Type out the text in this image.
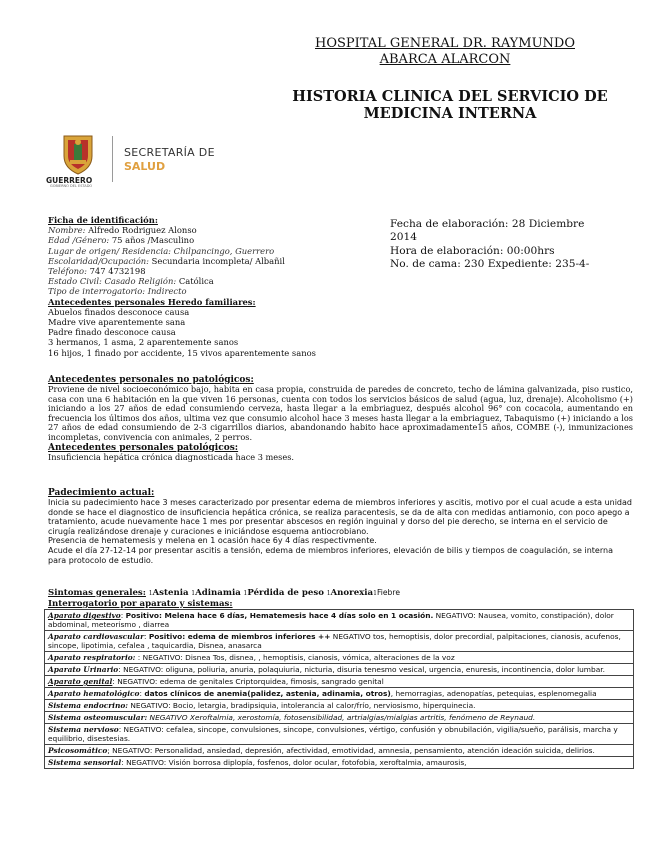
HOSPITAL GENERAL DR. RAYMUNDO
ABARCA ALARCON
HISTORIA CLINICA DEL SERVICIO DE
MEDICINA INTERNA
GUERRERO
GOBIERNO DEL ESTADO
SECRETARÍA DE
SALUD
Ficha de identificación:
Nombre: Alfredo Rodriguez Alonso
Edad /Género: 75 años /Masculino
Lugar de origen/ Residencia: Chilpancingo, Guerrero
Escolaridad/Ocupación: Secundaria incompleta/ Albañil
Teléfono: 747 4732198
Estado Civil: Casado Religión: Católica
Tipo de interrogatorio: Indirecto
Antecedentes personales Heredo familiares:
Abuelos finados desconoce causa
Madre vive aparentemente sana
Padre finado desconoce causa
3 hermanos, 1 asma, 2 aparentemente sanos
16 hijos, 1 finado por accidente, 15 vivos aparentemente sanos
Fecha de elaboración: 28 Diciembre
2014
Hora de elaboración: 00:00hrs
No. de cama: 230 Expediente: 235-4-
Antecedentes personales no patológicos:
Proviene de nivel socioeconómico bajo, habita en casa propia, construida de paredes de concreto, techo de lámina galvanizada, piso rustico, casa con una 6 habitación en la que viven 16 personas, cuenta con todos los servicios básicos de salud (agua, luz, drenaje). Alcoholismo (+) iniciando a los 27 años de edad consumiendo cerveza, hasta llegar a la embriaguez, después alcohol 96° con cocacola, aumentando en frecuencia los últimos dos años, ultima vez que consumio alcohol hace 3 meses hasta llegar a la embriaguez, Tabaquismo (+) iniciando a los 27 años de edad consumiendo de 2-3 cigarrillos diarios, abandonando habito hace aproximadamente15 años, COMBE (-), inmunizaciones incompletas, convivencia con animales, 2 perros.
Antecedentes personales patológicos:
Insuficiencia hepática crónica diagnosticada hace 3 meses.
Padecimiento actual:
Inicia su padecimiento hace 3 meses caracterizado por presentar edema de miembros inferiores y ascitis, motivo por el cual acude a esta unidad donde se hace el diagnostico de insuficiencia hepática crónica, se realiza paracentesis, se da de alta con medidas antiamonio, con poco apego a tratamiento, acude nuevamente hace 1 mes por presentar abscesos en región inguinal y dorso del pie derecho, se interna en el servicio de cirugía realizándose drenaje y curaciones e iniciándose esquema antiocrobiano.
Presencia de hematemesis y melena en 1 ocasión hace 6y 4 días respectivmente.
Acude el día 27-12-14 por presentar ascitis a tensión, edema de miembros inferiores, elevación de bilis y tiempos de coagulación, se interna para protocolo de estudio.
Sintomas generales: 1Astenia 1Adinamia 1Pérdida de peso 1Anorexia1Fiebre
Interrogatorio por aparato y sistemas:
Aparato digestivo: Positivo: Melena hace 6 días, Hematemesis hace 4 días solo en 1 ocasión. NEGATIVO: Nausea, vomito, constipación), dolor abdominal, meteorismo , diarrea
Aparato cardiovascular: Positivo: edema de miembros inferiores ++ NEGATIVO tos, hemoptisis, dolor precordial, palpitaciones, cianosis, acufenos, sincope, lipotimia, cefalea , taquicardia, Disnea, anasarca
Aparato respiratorio: : NEGATIVO: Disnea Tos, disnea, , hemoptisis, cianosis, vómica, alteraciones de la voz
Aparato Urinario: NEGATIVO: oliguna, poliuria, anuria, polaquiuria, nicturia, disuria tenesmo vesical, urgencia, enuresis, incontinencia, dolor lumbar.
Aparato genital: NEGATIVO: edema de genitales Criptorquidea, fimosis, sangrado genital
Aparato hematológico: datos clínicos de anemia(palidez, astenia, adinamia, otros), hemorragias, adenopatías, petequias, esplenomegalia
Sistema endocrino: NEGATIVO: Bocio, letargia, bradipsiquia, intolerancia al calor/frío, nerviosismo, hiperquinecia.
Sistema osteomuscular: NEGATIVO Xeroftalmia, xerostomía, fotosensibilidad, artrialgias/mialgias artritis, fenómeno de Reynaud.
Sistema nervioso: NEGATIVO: cefalea, sincope, convulsiones, sincope, convulsiones, vértigo, confusión y obnubilación, vigilia/sueño, parálisis, marcha y equilibrio, disestesias.
Psicosomático; NEGATIVO: Personalidad, ansiedad, depresión, afectividad, emotividad, amnesia, pensamiento, atención ideación suicida, delirios.
Sistema sensorial: NEGATIVO: Visión borrosa diplopía, fosfenos, dolor ocular, fotofobia, xeroftalmia, amaurosis,
